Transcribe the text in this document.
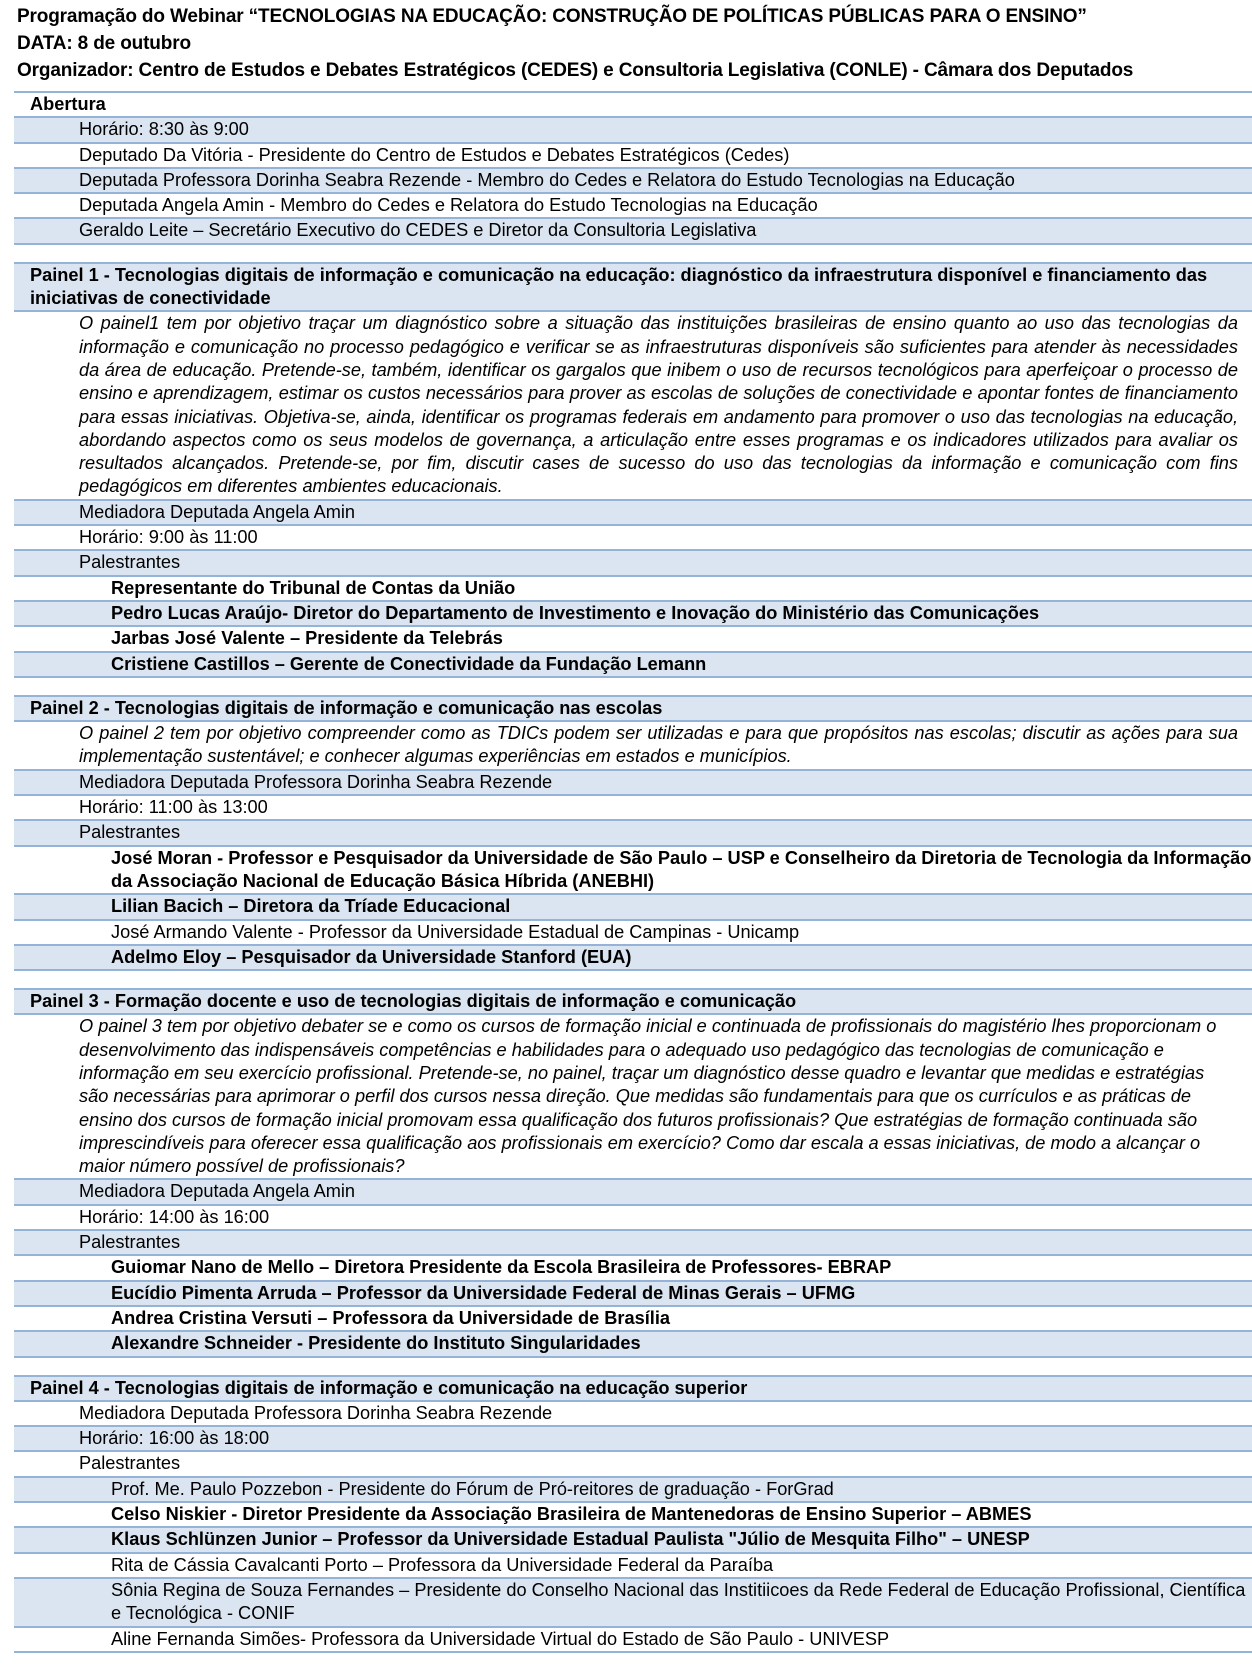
Programação do Webinar “TECNOLOGIAS NA EDUCAÇÃO: CONSTRUÇÃO DE POLÍTICAS PÚBLICAS PARA O ENSINO”
DATA: 8 de outubro
Organizador: Centro de Estudos e Debates Estratégicos (CEDES) e Consultoria Legislativa (CONLE) - Câmara dos Deputados
Abertura
Horário: 8:30 às 9:00
Deputado Da Vitória - Presidente do Centro de Estudos e Debates Estratégicos (Cedes)
Deputada Professora Dorinha Seabra Rezende - Membro do Cedes e Relatora do Estudo Tecnologias na Educação
Deputada Angela Amin - Membro do Cedes e Relatora do Estudo Tecnologias na Educação
Geraldo Leite – Secretário Executivo do CEDES e Diretor da Consultoria Legislativa
Painel 1 - Tecnologias digitais de informação e comunicação na educação: diagnóstico da infraestrutura disponível e financiamento das iniciativas de conectividade
O painel1 tem por objetivo traçar um diagnóstico sobre a situação das instituições brasileiras de ensino quanto ao uso das tecnologias da informação e comunicação no processo pedagógico e verificar se as infraestruturas disponíveis são suficientes para atender às necessidades da área de educação. Pretende-se, também, identificar os gargalos que inibem o uso de recursos tecnológicos para aperfeiçoar o processo de ensino e aprendizagem, estimar os custos necessários para prover as escolas de soluções de conectividade e apontar fontes de financiamento para essas iniciativas. Objetiva-se, ainda, identificar os programas federais em andamento para promover o uso das tecnologias na educação, abordando aspectos como os seus modelos de governança, a articulação entre esses programas e os indicadores utilizados para avaliar os resultados alcançados. Pretende-se, por fim, discutir cases de sucesso do uso das tecnologias da informação e comunicação com fins pedagógicos em diferentes ambientes educacionais.
Mediadora Deputada Angela Amin
Horário: 9:00 às 11:00
Palestrantes
Representante do Tribunal de Contas da União
Pedro Lucas Araújo- Diretor do Departamento de Investimento e Inovação do Ministério das Comunicações
Jarbas José Valente – Presidente da Telebrás
Cristiene Castillos – Gerente de Conectividade da Fundação Lemann
Painel 2 - Tecnologias digitais de informação e comunicação nas escolas
O painel 2 tem por objetivo compreender como as TDICs podem ser utilizadas e para que propósitos nas escolas; discutir as ações para sua implementação sustentável; e conhecer algumas experiências em estados e municípios.
Mediadora Deputada Professora Dorinha Seabra Rezende
Horário: 11:00 às 13:00
Palestrantes
José Moran - Professor e Pesquisador da Universidade de São Paulo – USP e Conselheiro da Diretoria de Tecnologia da Informação da Associação Nacional de Educação Básica Híbrida (ANEBHI)
Lilian Bacich – Diretora da Tríade Educacional
José Armando Valente - Professor da Universidade Estadual de Campinas - Unicamp
Adelmo Eloy – Pesquisador da Universidade Stanford (EUA)
Painel 3 - Formação docente e uso de tecnologias digitais de informação e comunicação
O painel 3 tem por objetivo debater se e como os cursos de formação inicial e continuada de profissionais do magistério lhes proporcionam o desenvolvimento das indispensáveis competências e habilidades para o adequado uso pedagógico das tecnologias de comunicação e informação em seu exercício profissional. Pretende-se, no painel, traçar um diagnóstico desse quadro e levantar que medidas e estratégias são necessárias para aprimorar o perfil dos cursos nessa direção. Que medidas são fundamentais para que os currículos e as práticas de ensino dos cursos de formação inicial promovam essa qualificação dos futuros profissionais? Que estratégias de formação continuada são imprescindíveis para oferecer essa qualificação aos profissionais em exercício? Como dar escala a essas iniciativas, de modo a alcançar o maior número possível de profissionais?
Mediadora Deputada Angela Amin
Horário: 14:00 às 16:00
Palestrantes
Guiomar Nano de Mello – Diretora Presidente da Escola Brasileira de Professores- EBRAP
Eucídio Pimenta Arruda – Professor da Universidade Federal de Minas Gerais – UFMG
Andrea Cristina Versuti – Professora da Universidade de Brasília
Alexandre Schneider - Presidente do Instituto Singularidades
Painel 4 - Tecnologias digitais de informação e comunicação na educação superior
Mediadora Deputada Professora Dorinha Seabra Rezende
Horário: 16:00 às 18:00
Palestrantes
Prof. Me. Paulo Pozzebon - Presidente do Fórum de Pró-reitores de graduação - ForGrad
Celso Niskier - Diretor Presidente da Associação Brasileira de Mantenedoras de Ensino Superior – ABMES
Klaus Schlünzen Junior – Professor da Universidade Estadual Paulista "Júlio de Mesquita Filho" – UNESP
Rita de Cássia Cavalcanti Porto – Professora da Universidade Federal da Paraíba
Sônia Regina de Souza Fernandes – Presidente do Conselho Nacional das Institiicoes da Rede Federal de Educação Profissional, Científica e Tecnológica - CONIF
Aline Fernanda Simões- Professora da Universidade Virtual do Estado de São Paulo - UNIVESP
